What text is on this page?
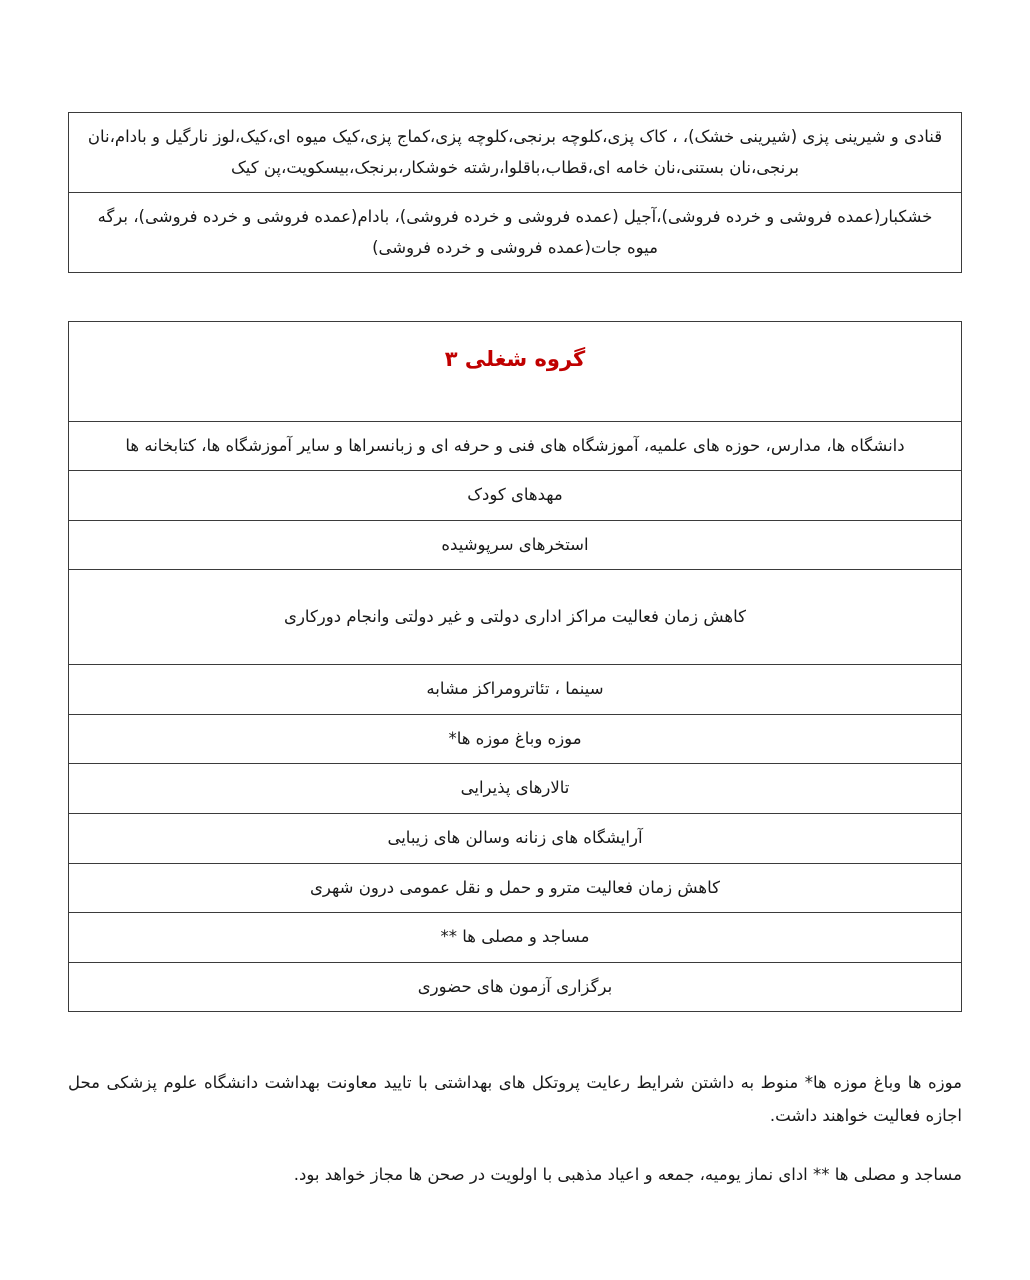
قنادی و شیرینی پزی (شیرینی خشک)، ، کاک پزی،کلوچه برنجی،کلوچه پزی،کماج پزی،کیک میوه ای،کیک،لوز نارگیل و بادام،نان برنجی،نان بستنی،نان خامه ای،قطاب،باقلوا،رشته خوشکار،برنجک،بیسکویت،پن کیک
خشکبار(عمده فروشی و خرده فروشی)،آجیل (عمده فروشی و خرده فروشی)، بادام(عمده فروشی و خرده فروشی)، برگه میوه جات(عمده فروشی و خرده فروشی)
گروه شغلی ۳

دانشگاه ها، مدارس، حوزه های علمیه، آموزشگاه های فنی و حرفه ای و زبانسراها و سایر آموزشگاه ها، کتابخانه ها
مهدهای کودک
استخرهای سرپوشیده
کاهش زمان فعالیت مراکز اداری دولتی و غیر دولتی وانجام دورکاری
سینما ، تئاترومراکز مشابه
موزه وباغ موزه ها*
تالارهای پذیرایی
آرایشگاه های زنانه وسالن های زیبایی
کاهش زمان فعالیت مترو و حمل و نقل عمومی درون شهری
مساجد و مصلی ها **
برگزاری آزمون های حضوری

موزه ها وباغ موزه ها* منوط به داشتن شرایط رعایت پروتکل های بهداشتی با تایید معاونت بهداشت دانشگاه علوم پزشکی محل اجازه فعالیت خواهند داشت.

مساجد و مصلی ها ** ادای نماز یومیه، جمعه و اعیاد مذهبی با اولویت در صحن ها مجاز خواهد بود.
